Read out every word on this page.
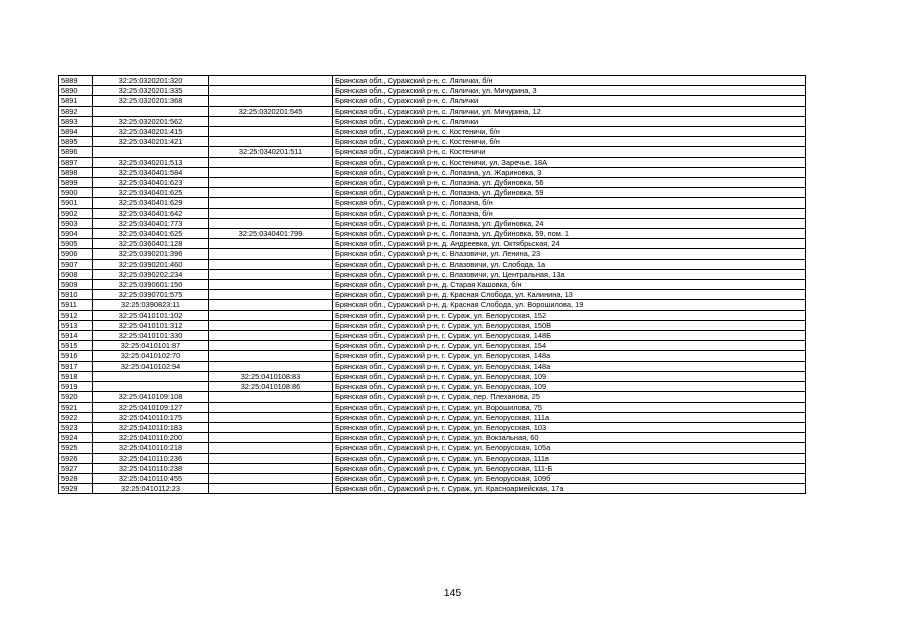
5889	32:25:0320201:320		Брянская обл., Суражский р-н, с. Лялички, б/н
5890	32:25:0320201:335		Брянская обл., Суражский р-н, с. Лялички, ул. Мичурина, 3
5891	32:25:0320201:368		Брянская обл., Суражский р-н, с. Лялички
5892		32:25:0320201:545	Брянская обл., Суражский р-н, с. Лялички, ул. Мичурина, 12
5893	32:25:0320201:562		Брянская обл., Суражский р-н, с. Лялички
5894	32:25:0340201:415		Брянская обл., Суражский р-н, с. Костеничи, б/н
5895	32:25:0340201:421		Брянская обл., Суражский р-н, с. Костеничи, б/н
5896		32:25:0340201:511	Брянская обл., Суражский р-н, с. Костеничи
5897	32:25:0340201:513		Брянская обл., Суражский р-н, с. Костеничи, ул. Заречье, 18А
5898	32:25:0340401:584		Брянская обл., Суражский р-н, с. Лопазна, ул. Жариновка, 3
5899	32:25:0340401:623		Брянская обл., Суражский р-н, с. Лопазна, ул. Дубиновка, 56
5900	32:25:0340401:625		Брянская обл., Суражский р-н, с. Лопазна, ул. Дубиновка, 59
5901	32:25:0340401:629		Брянская обл., Суражский р-н, с. Лопазна, б/н
5902	32:25:0340401:642		Брянская обл., Суражский р-н, с. Лопазна, б/н
5903	32:25:0340401:773		Брянская обл., Суражский р-н, с. Лопазна, ул. Дубиновка, 24
5904	32:25:0340401:625	32:25:0340401:799	Брянская обл., Суражский р-н, с. Лопазна, ул. Дубиновка, 59, пом. 1
5905	32:25:0360401:128		Брянская обл., Суражский р-н, д. Андреевка, ул. Октябрьская, 24
5906	32:25:0390201:396		Брянская обл., Суражский р-н, с. Влазовичи, ул. Ленина, 23
5907	32:25:0390201:460		Брянская обл., Суражский р-н, с. Влазовичи, ул. Слобода, 1а
5908	32:25:0390202:234		Брянская обл., Суражский р-н, с. Влазовичи, ул. Центральная, 13а
5909	32:25:0390601:150		Брянская обл., Суражский р-н, д. Старая Кашовка, б/н
5910	32:25:0390701:575		Брянская обл., Суражский р-н, д. Красная Слобода, ул. Калинина, 13
5911	32:25:0390823:11		Брянская обл., Суражский р-н, д. Красная Слобода, ул. Ворошилова, 19
5912	32:25:0410101:102		Брянская обл., Суражский р-н, г. Сураж, ул. Белорусская, 152
5913	32:25:0410101:312		Брянская обл., Суражский р-н, г. Сураж, ул. Белорусская, 150В
5914	32:25:0410101:330		Брянская обл., Суражский р-н, г. Сураж, ул. Белорусская, 148Б
5915	32:25:0410101:87		Брянская обл., Суражский р-н, г. Сураж, ул. Белорусская, 154
5916	32:25:0410102:70		Брянская обл., Суражский р-н, г. Сураж, ул. Белорусская, 148а
5917	32:25:0410102:94		Брянская обл., Суражский р-н, г. Сураж, ул. Белорусская, 148а
5918		32:25:0410108:83	Брянская обл., Суражский р-н, г. Сураж, ул. Белорусская, 109
5919		32:25:0410108:86	Брянская обл., Суражский р-н, г. Сураж, ул. Белорусская, 109
5920	32:25:0410109:108		Брянская обл., Суражский р-н, г. Сураж, пер. Плеханова, 25
5921	32:25:0410109:127		Брянская обл., Суражский р-н, г. Сураж, ул. Ворошилова, 75
5922	32:25:0410110:175		Брянская обл., Суражский р-н, г. Сураж, ул. Белорусская, 111а
5923	32:25:0410110:183		Брянская обл., Суражский р-н, г. Сураж, ул. Белорусская, 103
5924	32:25:0410110:200		Брянская обл., Суражский р-н, г. Сураж, ул. Вокзальная, 60
5925	32:25:0410110:218		Брянская обл., Суражский р-н, г. Сураж, ул. Белорусская, 105а
5926	32:25:0410110:236		Брянская обл., Суражский р-н, г. Сураж, ул. Белорусская, 111в
5927	32:25:0410110:238		Брянская обл., Суражский р-н, г. Сураж, ул. Белорусская, 111-Б
5928	32:25:0410110:455		Брянская обл., Суражский р-н, г. Сураж, ул. Белорусская, 109б
5929	32:25:0410112:23		Брянская обл., Суражский р-н, г. Сураж, ул. Красноармейская, 17а
145
